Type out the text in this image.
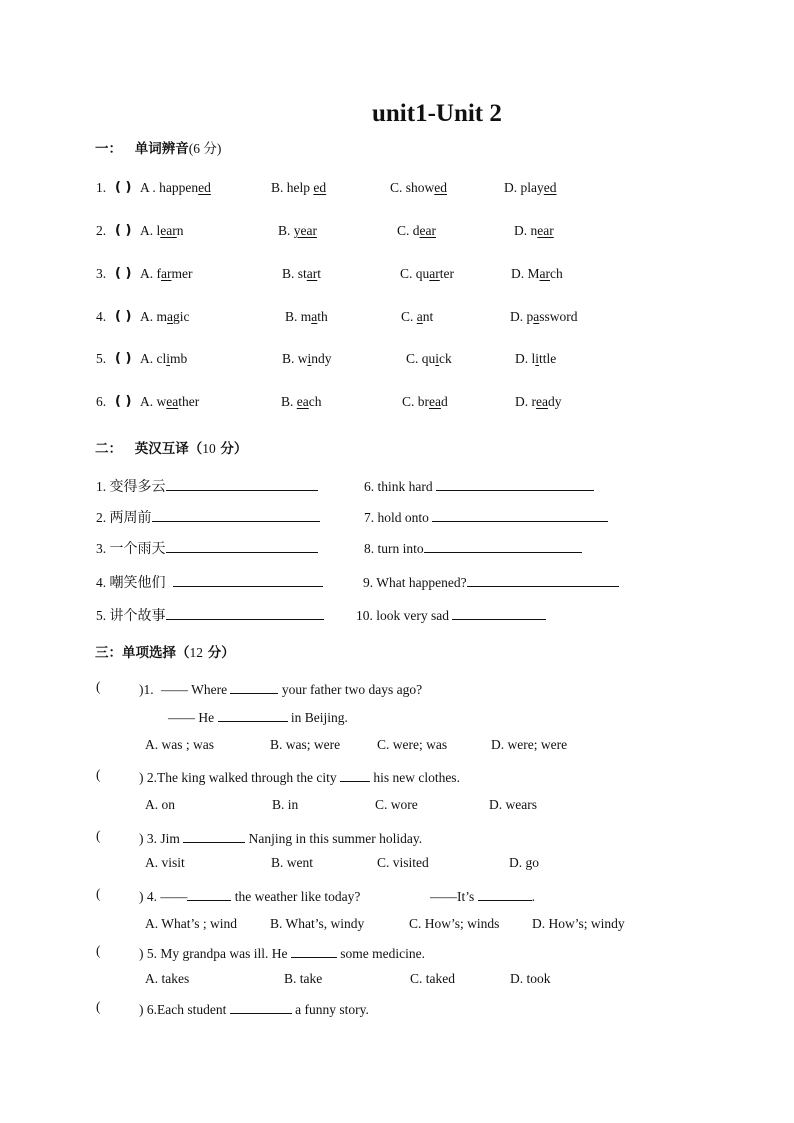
unit1-Unit 2
一： 单词辨音(6 分)
1. ( ) A . happened	B. help ed	C. showed	D. played
2. ( ) A. learn	B. year	C. dear	D. near
3. ( ) A. farmer	B. start	C. quarter	D. March
4. ( ) A. magic	B. math	C. ant	D. password
5. ( ) A. climb	B. windy	C. quick	D. little
6. ( ) A. weather	B. each	C. bread	D. ready
二： 英汉互译（10 分）
1. 变得多云	6. think hard
2. 两周前	7. hold onto
3. 一个雨天	8. turn into
4. 嘲笑他们	9. What happened?
5. 讲个故事	10. look very sad
三：单项选择（12 分）
(	)1. —— Where	your father two days ago?
—— He	in Beijing.
A. was ; was	B. was; were	C. were; was	D. were; were
(	) 2.The king walked through the city	his new clothes.
A. on	B. in	C. wore	D. wears
(	) 3. Jim	Nanjing in this summer holiday.
A. visit	B. went	C. visited	D. go
(	) 4. ——	the weather like today?	——It’s	.
A. What’s ; wind B. What’s, windy	C. How’s; winds D. How’s; windy
(	) 5. My grandpa was ill. He	some medicine.
A. takes	B. take	C. taked	D. took
(	) 6.Each student	a funny story.
